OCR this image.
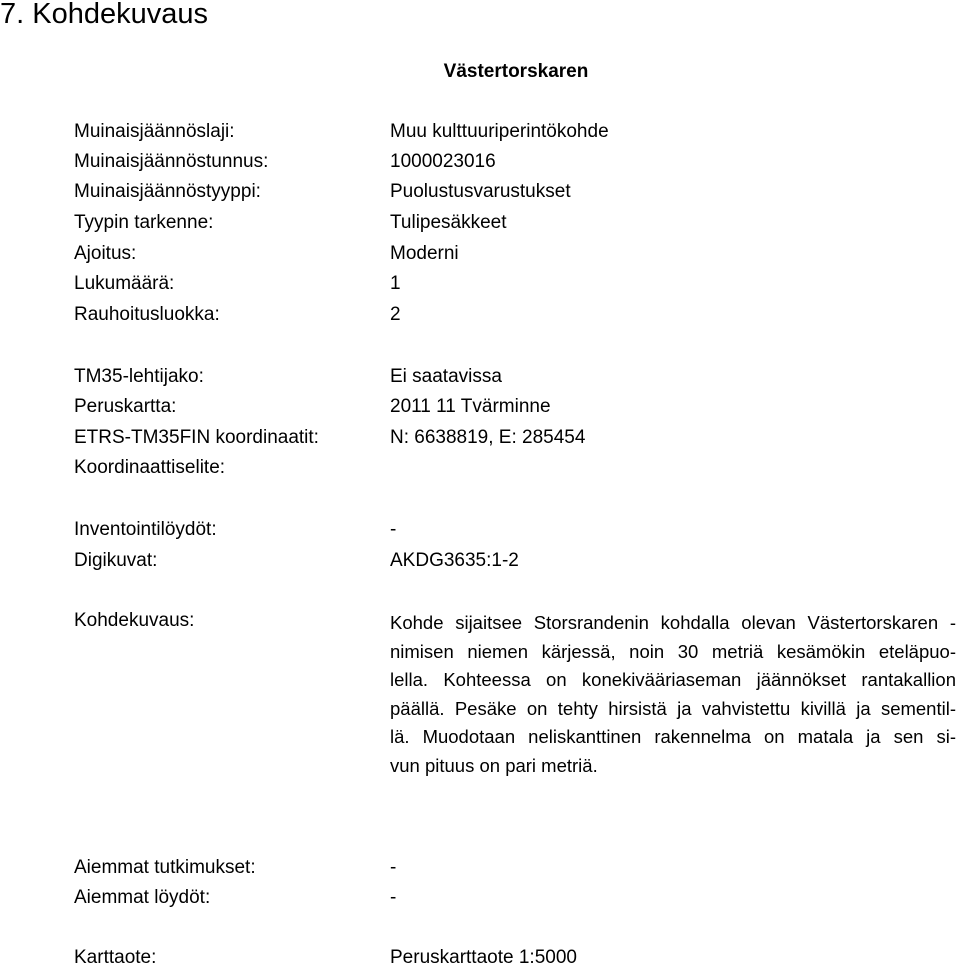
7. Kohdekuvaus
Västertorskaren
Muinaisjäännöslaji:	Muu kulttuuriperintökohde
Muinaisjäännöstunnus:	1000023016
Muinaisjäännöstyyppi:	Puolustusvarustukset
Tyypin tarkenne:	Tulipesäkkeet
Ajoitus:	Moderni
Lukumäärä:	1
Rauhoitusluokka:	2
TM35-lehtijako:	Ei saatavissa
Peruskartta:	2011 11 Tvärminne
ETRS-TM35FIN koordinaatit:	N: 6638819, E: 285454
Koordinaattiselite:
Inventointilöydöt:	-
Digikuvat:	AKDG3635:1-2
Kohdekuvaus:	Kohde sijaitsee Storsrandenin kohdalla olevan Västertorskaren -
nimisen niemen kärjessä, noin 30 metriä kesämökin eteläpuo-
lella. Kohteessa on konekivääriaseman jäännökset rantakallion
päällä. Pesäke on tehty hirsistä ja vahvistettu kivillä ja sementil-
lä. Muodotaan neliskanttinen rakennelma on matala ja sen si-
vun pituus on pari metriä.
Aiemmat tutkimukset:	-
Aiemmat löydöt:	-
Karttaote:	Peruskarttaote 1:5000
